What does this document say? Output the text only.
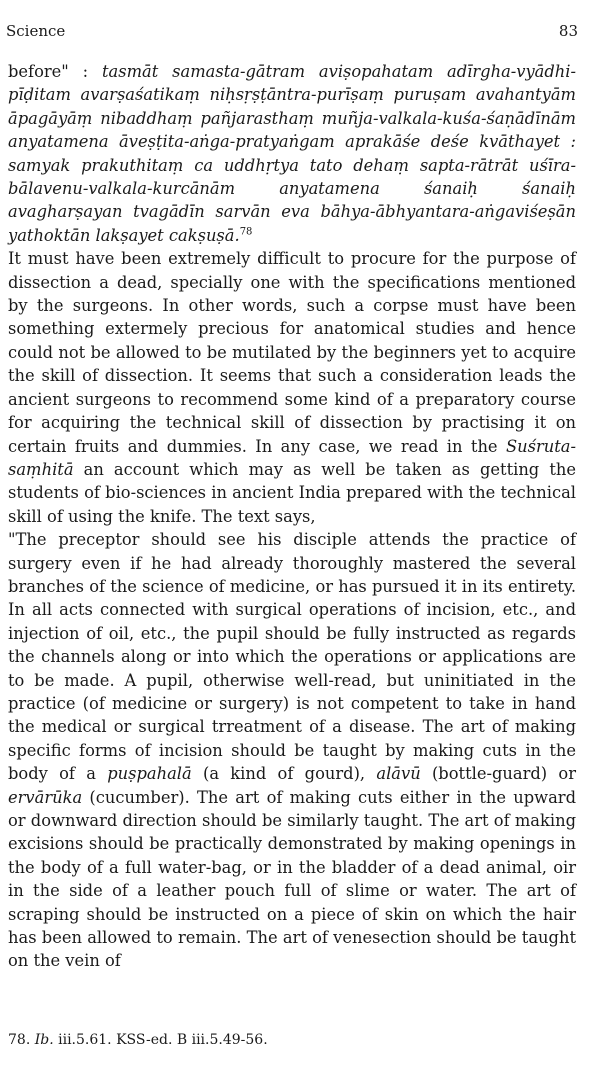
Science	83

before" : tasmāt samasta-gātram aviṣopahatam adīrgha-vyādhi-pīḍitam avarṣaśatikaṃ niḥsṛṣṭāntra-purīṣaṃ puruṣam avahantyām āpagāyāṃ nibaddhaṃ pañjarasthaṃ muñja-valkala-kuśa-śaṇādīnām anyatamena āveṣṭita-aṅga-pratyaṅgam aprakāśe deśe kvāthayet : samyak prakuthitaṃ ca uddhṛtya tato dehaṃ sapta-rātrāt uśīra-bālavenu-valkala-kurcānām anyatamena śanaiḥ śanaiḥ avagharṣayan tvagādīn sarvān eva bāhya-ābhyantara-aṅgaviśeṣān yathoktān lakṣayet cakṣuṣā.$^{78}$

It must have been extremely difficult to procure for the purpose of dissection a dead, specially one with the specifications mentioned by the surgeons. In other words, such a corpse must have been something extermely precious for anatomical studies and hence could not be allowed to be mutilated by the beginners yet to acquire the skill of dissection. It seems that such a consideration leads the ancient surgeons to recommend some kind of a preparatory course for acquiring the technical skill of dissection by practising it on certain fruits and dummies. In any case, we read in the Suśruta-saṃhitā an account which may as well be taken as getting the students of bio-sciences in ancient India prepared with the technical skill of using the knife. The text says,

"The preceptor should see his disciple attends the practice of surgery even if he had already thoroughly mastered the several branches of the science of medicine, or has pursued it in its entirety. In all acts connected with surgical operations of incision, etc., and injection of oil, etc., the pupil should be fully instructed as regards the channels along or into which the operations or applications are to be made. A pupil, otherwise well-read, but uninitiated in the practice (of medicine or surgery) is not competent to take in hand the medical or surgical trreatment of a disease. The art of making specific forms of incision should be taught by making cuts in the body of a puṣpahalā (a kind of gourd), alāvū (bottle-guard) or ervārūka (cucumber). The art of making cuts either in the upward or downward direction should be similarly taught. The art of making excisions should be practically demonstrated by making openings in the body of a full water-bag, or in the bladder of a dead animal, oir in the side of a leather pouch full of slime or water. The art of scraping should be instructed on a piece of skin on which the hair has been allowed to remain. The art of venesection should be taught on the vein of

78. Ib. iii.5.61. KSS-ed. B iii.5.49-56.
